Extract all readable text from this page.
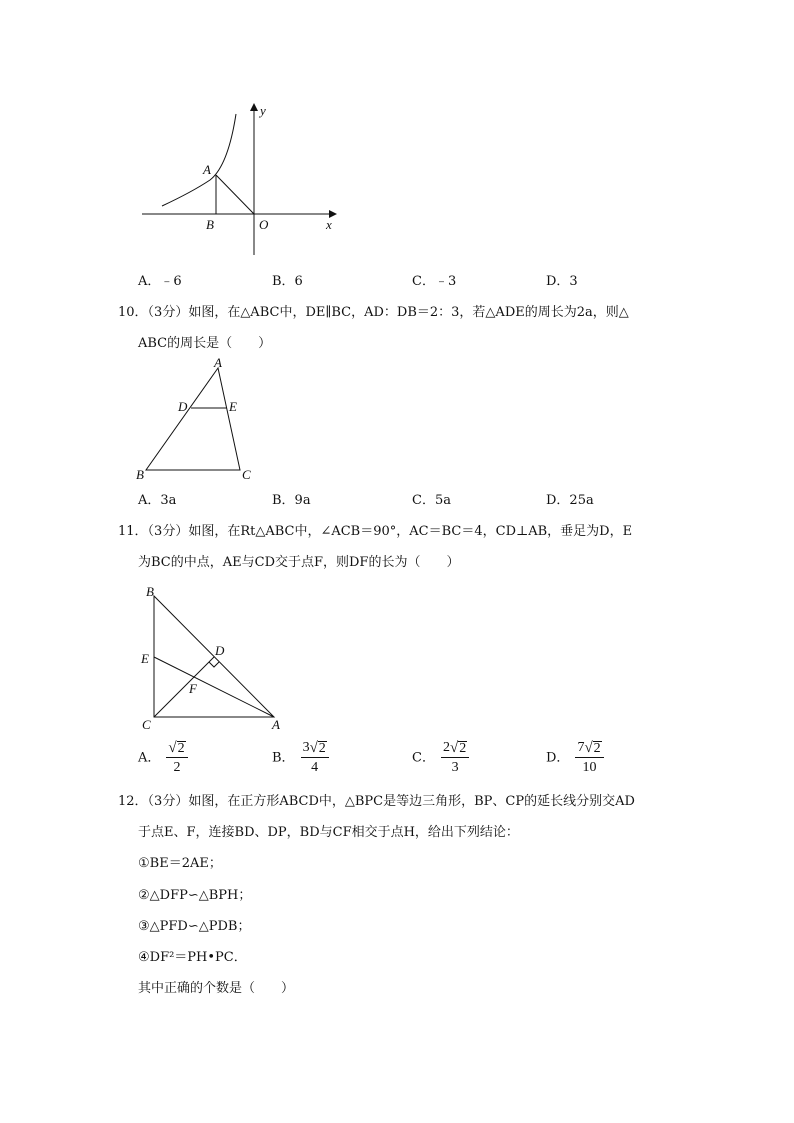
y
A
B	O	x
A．﹣6	B．6	C．﹣3	D．3
10．（3分）如图，在△ABC中，DE∥BC，AD：DB＝2：3，若△ADE的周长为2a，则△
ABC的周长是（　　）
A
D	E
B	C
A．3a	B．9a	C．5a	D．25a
11．（3分）如图，在Rt△ABC中，∠ACB＝90°，AC＝BC＝4，CD⊥AB，垂足为D，E
为BC的中点，AE与CD交于点F，则DF的长为（　　）
B
D
E
F
C	A
A． $\frac{√ 2}{2}$	B． $\frac{3 √ 2}{4}$	C． $\frac{2 √ 2}{3}$	D． $\frac{7 √ 2}{10}$
12．（3分）如图，在正方形ABCD中，△BPC是等边三角形，BP、CP的延长线分别交AD
于点E、F，连接BD、DP，BD与CF相交于点H，给出下列结论：
①BE＝2AE；
②△DFP∽△BPH；
③△PFD∽△PDB；
④DF²＝PH•PC．
其中正确的个数是（　　）
